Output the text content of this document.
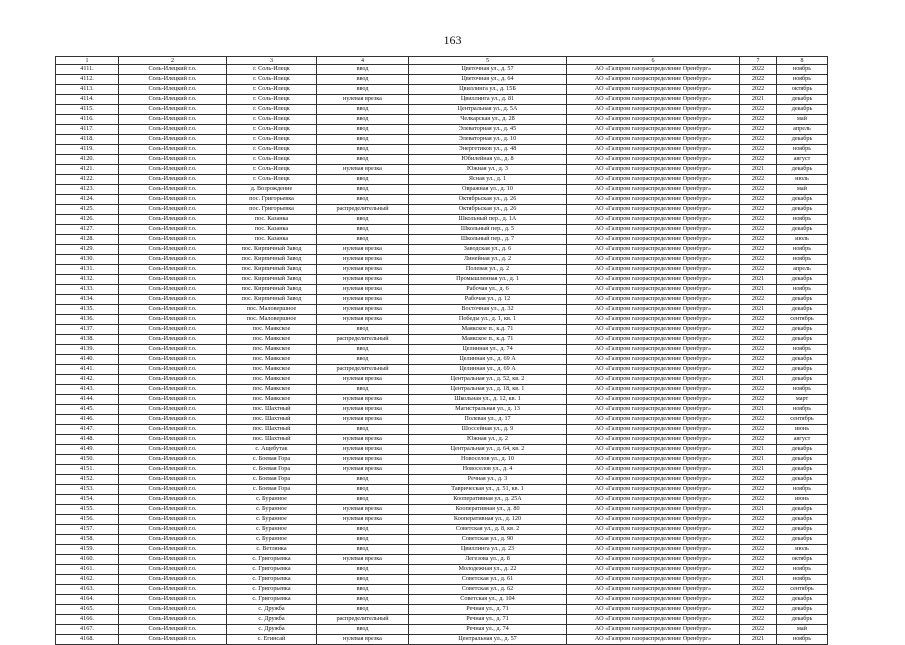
163
1	2	3	4	5	6	7	8
4111.	Соль-Илецкий г.о.	г. Соль-Илецк	ввод	Цветочная ул., д. 57	АО «Газпром газораспределение Оренбург»	2022	ноябрь
4112.	Соль-Илецкий г.о.	г. Соль-Илецк	ввод	Цветочная ул., д. 64	АО «Газпром газораспределение Оренбург»	2022	ноябрь
4113.	Соль-Илецкий г.о.	г. Соль-Илецк	ввод	Цвиллинга ул., д. 15Б	АО «Газпром газораспределение Оренбург»	2022	октябрь
4114.	Соль-Илецкий г.о.	г. Соль-Илецк	нулевая врезка	Цвиллинга ул., д. 81	АО «Газпром газораспределение Оренбург»	2021	декабрь
4115.	Соль-Илецкий г.о.	г. Соль-Илецк	ввод	Центральная ул., д. 5А	АО «Газпром газораспределение Оренбург»	2022	декабрь
4116.	Соль-Илецкий г.о.	г. Соль-Илецк	ввод	Челкарская ул., д. 28	АО «Газпром газораспределение Оренбург»	2022	май
4117.	Соль-Илецкий г.о.	г. Соль-Илецк	ввод	Элеваторная ул., д. 45	АО «Газпром газораспределение Оренбург»	2022	апрель
4118.	Соль-Илецкий г.о.	г. Соль-Илецк	ввод	Элеваторная ул., д. 10	АО «Газпром газораспределение Оренбург»	2022	декабрь
4119.	Соль-Илецкий г.о.	г. Соль-Илецк	ввод	Энергетиков ул., д. 48	АО «Газпром газораспределение Оренбург»	2022	ноябрь
4120.	Соль-Илецкий г.о.	г. Соль-Илецк	ввод	Юбилейная ул., д. 8	АО «Газпром газораспределение Оренбург»	2022	август
4121.	Соль-Илецкий г.о.	г. Соль-Илецк	нулевая врезка	Южная ул., д. 3	АО «Газпром газораспределение Оренбург»	2021	декабрь
4122.	Соль-Илецкий г.о.	г. Соль-Илецк	ввод	Ясная ул., д. 1	АО «Газпром газораспределение Оренбург»	2022	июль
4123.	Соль-Илецкий г.о.	д. Возрождение	ввод	Овражная ул., д. 10	АО «Газпром газораспределение Оренбург»	2022	май
4124.	Соль-Илецкий г.о.	пос. Григорьевка	ввод	Октябрьская ул., д. 26	АО «Газпром газораспределение Оренбург»	2022	декабрь
4125.	Соль-Илецкий г.о.	пос. Григорьевка	распределительный	Октябрьская ул., д. 26	АО «Газпром газораспределение Оренбург»	2022	декабрь
4126.	Соль-Илецкий г.о.	пос. Казанка	ввод	Школьный пер., д. 1А	АО «Газпром газораспределение Оренбург»	2022	ноябрь
4127.	Соль-Илецкий г.о.	пос. Казанка	ввод	Школьный пер., д. 5	АО «Газпром газораспределение Оренбург»	2022	декабрь
4128.	Соль-Илецкий г.о.	пос. Казанка	ввод	Школьный пер., д. 7	АО «Газпром газораспределение Оренбург»	2022	июль
4129.	Соль-Илецкий г.о.	пос. Кирпичный Завод	нулевая врезка	Заводская ул., д. 6	АО «Газпром газораспределение Оренбург»	2022	ноябрь
4130.	Соль-Илецкий г.о.	пос. Кирпичный Завод	нулевая врезка	Линейная ул., д. 2	АО «Газпром газораспределение Оренбург»	2022	ноябрь
4131.	Соль-Илецкий г.о.	пос. Кирпичный Завод	нулевая врезка	Полевая ул., д. 2	АО «Газпром газораспределение Оренбург»	2022	апрель
4132.	Соль-Илецкий г.о.	пос. Кирпичный Завод	нулевая врезка	Промышленная ул., д. 1	АО «Газпром газораспределение Оренбург»	2021	декабрь
4133.	Соль-Илецкий г.о.	пос. Кирпичный Завод	нулевая врезка	Рабочая ул., д. 6	АО «Газпром газораспределение Оренбург»	2021	ноябрь
4134.	Соль-Илецкий г.о.	пос. Кирпичный Завод	нулевая врезка	Рабочая ул., д. 12	АО «Газпром газораспределение Оренбург»	2022	декабрь
4135.	Соль-Илецкий г.о.	пос. Маловершное	нулевая врезка	Восточная ул., д. 32	АО «Газпром газораспределение Оренбург»	2021	декабрь
4136.	Соль-Илецкий г.о.	пос. Маловершное	нулевая врезка	Победы ул., д. 1, кв. 1	АО «Газпром газораспределение Оренбург»	2022	сентябрь
4137.	Соль-Илецкий г.о.	пос. Маякское	ввод	Маякское п., к.д. 71	АО «Газпром газораспределение Оренбург»	2022	декабрь
4138.	Соль-Илецкий г.о.	пос. Маякское	распределительный	Маякское п., к.д. 71	АО «Газпром газораспределение Оренбург»	2022	декабрь
4139.	Соль-Илецкий г.о.	пос. Маякское	ввод	Целинная ул., д. 74	АО «Газпром газораспределение Оренбург»	2022	ноябрь
4140.	Соль-Илецкий г.о.	пос. Маякское	ввод	Целинная ул., д. 69 А	АО «Газпром газораспределение Оренбург»	2022	декабрь
4141.	Соль-Илецкий г.о.	пос. Маякское	распределительный	Целинная ул., д. 69 А	АО «Газпром газораспределение Оренбург»	2022	декабрь
4142.	Соль-Илецкий г.о.	пос. Маякское	нулевая врезка	Центральная ул., д. 52, кв. 2	АО «Газпром газораспределение Оренбург»	2021	декабрь
4143.	Соль-Илецкий г.о.	пос. Маякское	ввод	Центральная ул., д. 18, кв. 1	АО «Газпром газораспределение Оренбург»	2022	ноябрь
4144.	Соль-Илецкий г.о.	пос. Маякское	нулевая врезка	Школьная ул., д. 12, кв. 1	АО «Газпром газораспределение Оренбург»	2022	март
4145.	Соль-Илецкий г.о.	пос. Шахтный	нулевая врезка	Магистральная ул., д. 13	АО «Газпром газораспределение Оренбург»	2021	ноябрь
4146.	Соль-Илецкий г.о.	пос. Шахтный	нулевая врезка	Полевая ул., д. 17	АО «Газпром газораспределение Оренбург»	2022	сентябрь
4147.	Соль-Илецкий г.о.	пос. Шахтный	ввод	Шоссейная ул., д. 9	АО «Газпром газораспределение Оренбург»	2022	июнь
4148.	Соль-Илецкий г.о.	пос. Шахтный	нулевая врезка	Южная ул., д. 2	АО «Газпром газораспределение Оренбург»	2022	август
4149.	Соль-Илецкий г.о.	с. Ащебутак	нулевая врезка	Центральная ул., д. 64, кв. 2	АО «Газпром газораспределение Оренбург»	2021	декабрь
4150.	Соль-Илецкий г.о.	с. Боевая Гора	нулевая врезка	Новоселов ул., д. 10	АО «Газпром газораспределение Оренбург»	2021	декабрь
4151.	Соль-Илецкий г.о.	с. Боевая Гора	нулевая врезка	Новоселов ул., д. 4	АО «Газпром газораспределение Оренбург»	2021	декабрь
4152.	Соль-Илецкий г.о.	с. Боевая Гора	ввод	Речная ул., д. 3	АО «Газпром газораспределение Оренбург»	2022	декабрь
4153.	Соль-Илецкий г.о.	с. Боевая Гора	ввод	Тавричеcкая ул., д. 51, кв. 1	АО «Газпром газораспределение Оренбург»	2022	ноябрь
4154.	Соль-Илецкий г.о.	с. Буранное	ввод	Кооперативная ул., д. 25А	АО «Газпром газораспределение Оренбург»	2022	июнь
4155.	Соль-Илецкий г.о.	с. Буранное	нулевая врезка	Кооперативная ул., д. 80	АО «Газпром газораспределение Оренбург»	2021	декабрь
4156.	Соль-Илецкий г.о.	с. Буранное	нулевая врезка	Кооперативная ул., д. 120	АО «Газпром газораспределение Оренбург»	2022	декабрь
4157.	Соль-Илецкий г.о.	с. Буранное	ввод	Советская ул., д. 8, кв. 2	АО «Газпром газораспределение Оренбург»	2022	декабрь
4158.	Соль-Илецкий г.о.	с. Буранное	ввод	Советская ул., д. 90	АО «Газпром газораспределение Оренбург»	2022	декабрь
4159.	Соль-Илецкий г.о.	с. Ветлянка	ввод	Цвиллинга ул., д. 23	АО «Газпром газораспределение Оренбург»	2022	июль
4160.	Соль-Илецкий г.о.	с. Григорьевка	нулевая врезка	Легезова ул., д. 8	АО «Газпром газораспределение Оренбург»	2022	октябрь
4161.	Соль-Илецкий г.о.	с. Григорьевка	ввод	Молодежная ул., д. 22	АО «Газпром газораспределение Оренбург»	2022	ноябрь
4162.	Соль-Илецкий г.о.	с. Григорьевка	ввод	Советская ул., д. 61	АО «Газпром газораспределение Оренбург»	2021	ноябрь
4163.	Соль-Илецкий г.о.	с. Григорьевка	ввод	Советская ул., д. 62	АО «Газпром газораспределение Оренбург»	2022	сентябрь
4164.	Соль-Илецкий г.о.	с. Григорьевка	ввод	Советская ул., д. 104	АО «Газпром газораспределение Оренбург»	2022	декабрь
4165.	Соль-Илецкий г.о.	с. Дружба	ввод	Речная ул., д. 71	АО «Газпром газораспределение Оренбург»	2022	декабрь
4166.	Соль-Илецкий г.о.	с. Дружба	распределительный	Речная ул., д. 71	АО «Газпром газораспределение Оренбург»	2022	декабрь
4167.	Соль-Илецкий г.о.	с. Дружба	ввод	Речная ул., д. 74	АО «Газпром газораспределение Оренбург»	2022	май
4168.	Соль-Илецкий г.о.	с. Егинсай	нулевая врезка	Центральная ул., д. 57	АО «Газпром газораспределение Оренбург»	2021	ноябрь
